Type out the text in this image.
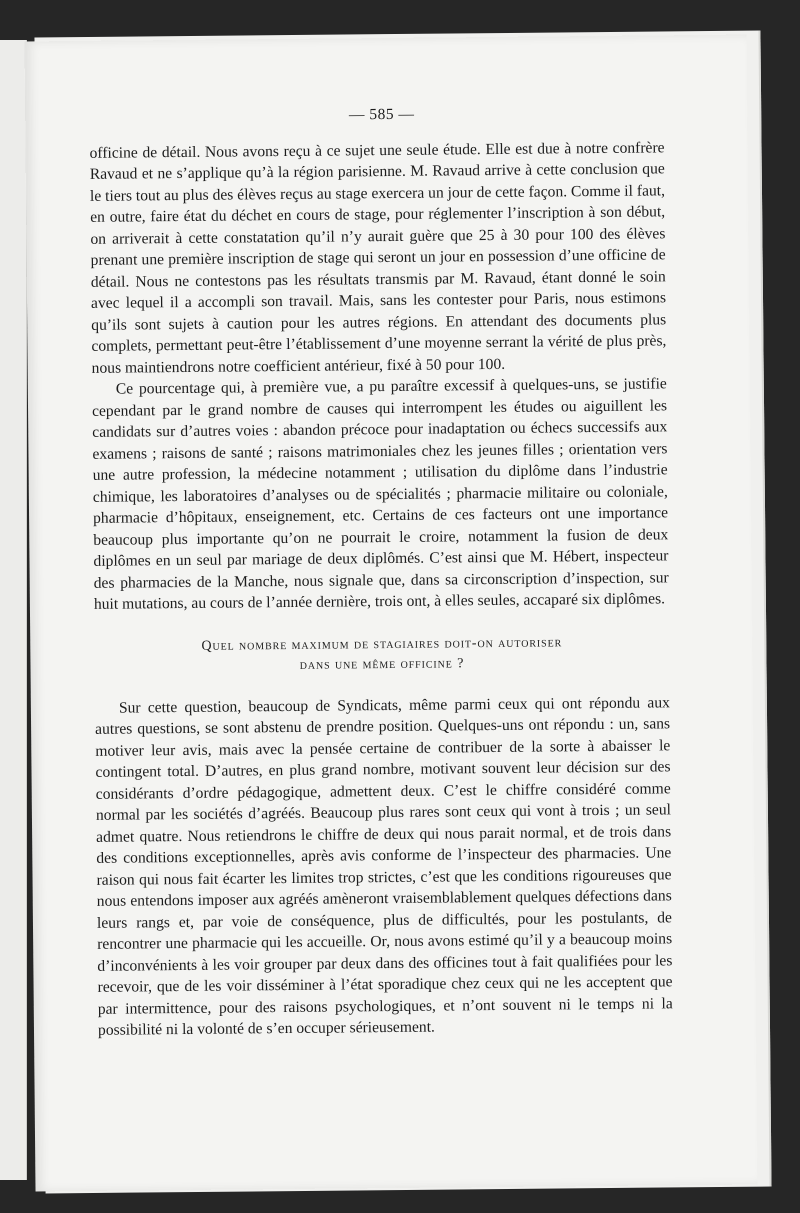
— 585 —

officine de détail. Nous avons reçu à ce sujet une seule étude. Elle est due à notre confrère Ravaud et ne s’applique qu’à la région parisienne. M. Ravaud arrive à cette conclusion que le tiers tout au plus des élèves reçus au stage exercera un jour de cette façon. Comme il faut, en outre, faire état du déchet en cours de stage, pour réglementer l’inscription à son début, on arriverait à cette constatation qu’il n’y aurait guère que 25 à 30 pour 100 des élèves prenant une première inscription de stage qui seront un jour en possession d’une officine de détail. Nous ne contestons pas les résultats transmis par M. Ravaud, étant donné le soin avec lequel il a accompli son travail. Mais, sans les contester pour Paris, nous estimons qu’ils sont sujets à caution pour les autres régions. En attendant des documents plus complets, permettant peut-être l’établissement d’une moyenne serrant la vérité de plus près, nous maintiendrons notre coefficient antérieur, fixé à 50 pour 100.

Ce pourcentage qui, à première vue, a pu paraître excessif à quelques-uns, se justifie cependant par le grand nombre de causes qui interrompent les études ou aiguillent les candidats sur d’autres voies : abandon précoce pour inadaptation ou échecs successifs aux examens ; raisons de santé ; raisons matrimoniales chez les jeunes filles ; orientation vers une autre profession, la médecine notamment ; utilisation du diplôme dans l’industrie chimique, les laboratoires d’analyses ou de spécialités ; pharmacie militaire ou coloniale, pharmacie d’hôpitaux, enseignement, etc. Certains de ces facteurs ont une importance beaucoup plus importante qu’on ne pourrait le croire, notamment la fusion de deux diplômes en un seul par mariage de deux diplômés. C’est ainsi que M. Hébert, inspecteur des pharmacies de la Manche, nous signale que, dans sa circonscription d’inspection, sur huit mutations, au cours de l’année dernière, trois ont, à elles seules, accaparé six diplômes.

Quel nombre maximum de stagiaires doit-on autoriser
dans une même officine ?

Sur cette question, beaucoup de Syndicats, même parmi ceux qui ont répondu aux autres questions, se sont abstenu de prendre position. Quelques-uns ont répondu : un, sans motiver leur avis, mais avec la pensée certaine de contribuer de la sorte à abaisser le contingent total. D’autres, en plus grand nombre, motivant souvent leur décision sur des considérants d’ordre pédagogique, admettent deux. C’est le chiffre considéré comme normal par les sociétés d’agréés. Beaucoup plus rares sont ceux qui vont à trois ; un seul admet quatre. Nous retiendrons le chiffre de deux qui nous parait normal, et de trois dans des conditions exceptionnelles, après avis conforme de l’inspecteur des pharmacies. Une raison qui nous fait écarter les limites trop strictes, c’est que les conditions rigoureuses que nous entendons imposer aux agréés amèneront vraisemblablement quelques défections dans leurs rangs et, par voie de conséquence, plus de difficultés, pour les postulants, de rencontrer une pharmacie qui les accueille. Or, nous avons estimé qu’il y a beaucoup moins d’inconvénients à les voir grouper par deux dans des officines tout à fait qualifiées pour les recevoir, que de les voir disséminer à l’état sporadique chez ceux qui ne les acceptent que par intermittence, pour des raisons psychologiques, et n’ont souvent ni le temps ni la possibilité ni la volonté de s’en occuper sérieusement.
